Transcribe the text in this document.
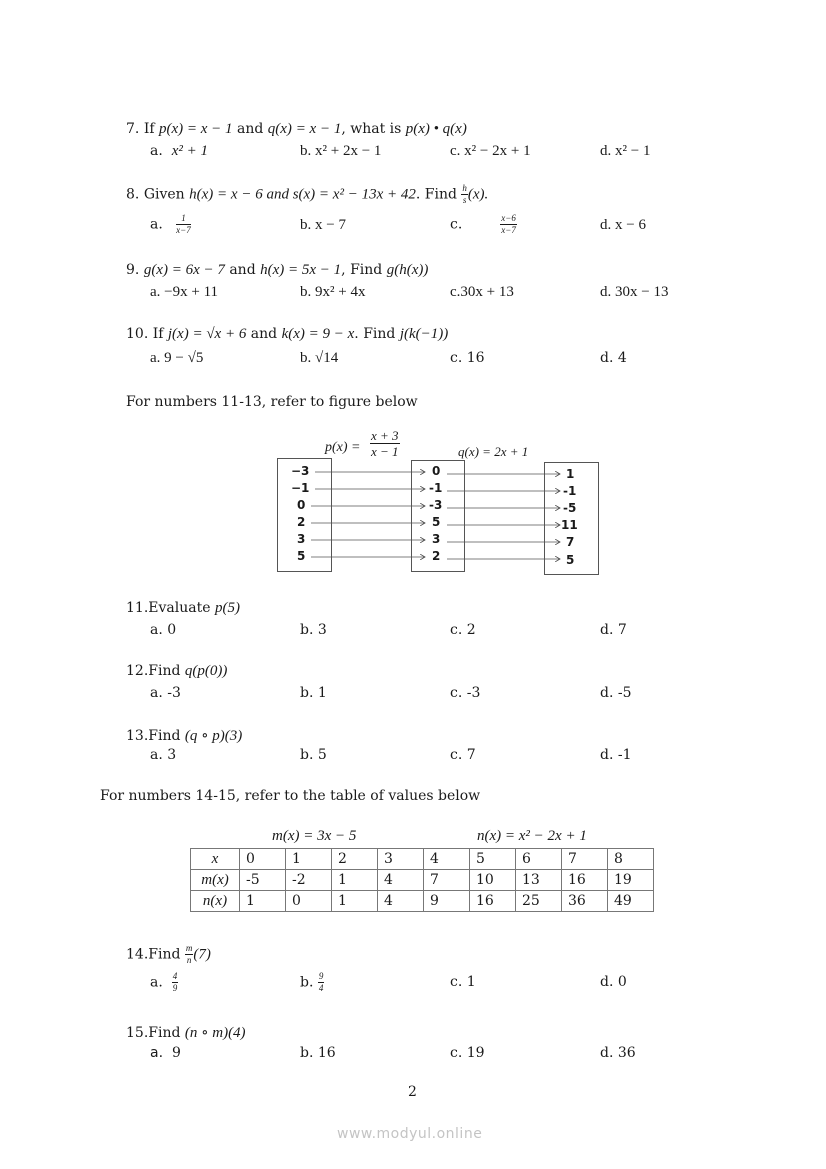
7. If p(x) = x − 1 and q(x) = x − 1, what is p(x) • q(x)
a. x² + 1	b. x² + 2x − 1	c. x² − 2x + 1	d. x² − 1
8. Given h(x) = x − 6 and s(x) = x² − 13x + 42. Find $\frac{h}{s} (x)$.
a. $\frac{1}{x-7}$	b. x − 7	c.	$\frac{x-6}{x-7}$	d. x − 6
9. g(x) = 6x − 7 and h(x) = 5x − 1, Find g(h(x))
a. −9x + 11	b. 9x² + 4x	c.30x + 13	d. 30x − 13
10. If j(x) = √x + 6 and k(x) = 9 − x. Find j(k(−1))
a. 9 − √5	b. √14	c. 16	d. 4
For numbers 11-13, refer to figure below
$p(x) = \frac{x + 3}{x - 1}$	q(x) = 2x + 1
−3
−1
0
2
3
5
0
-1
-3
5
3
2
1
-1
-5
11
7
5
11.Evaluate p(5)
a. 0	b. 3	c. 2	d. 7
12.Find q(p(0))
a. -3	b. 1	c. -3	d. -5
13.Find (q ∘ p)(3)
a. 3	b. 5	c. 7	d. -1
For numbers 14-15, refer to the table of values below
m(x) = 3x − 5	n(x) = x² − 2x + 1
x	0	1	2	3	4	5	6	7	8
m(x)	-5	-2	1	4	7	10	13	16	19
n(x)	1	0	1	4	9	16	25	36	49
14.Find $\frac{m}{n} (7)$
a. $\frac{4}{9}$	b. $\frac{9}{4}$	c. 1	d. 0
15.Find (n ∘ m)(4)
a. 9	b. 16	c. 19	d. 36
2
www.modyul.online
